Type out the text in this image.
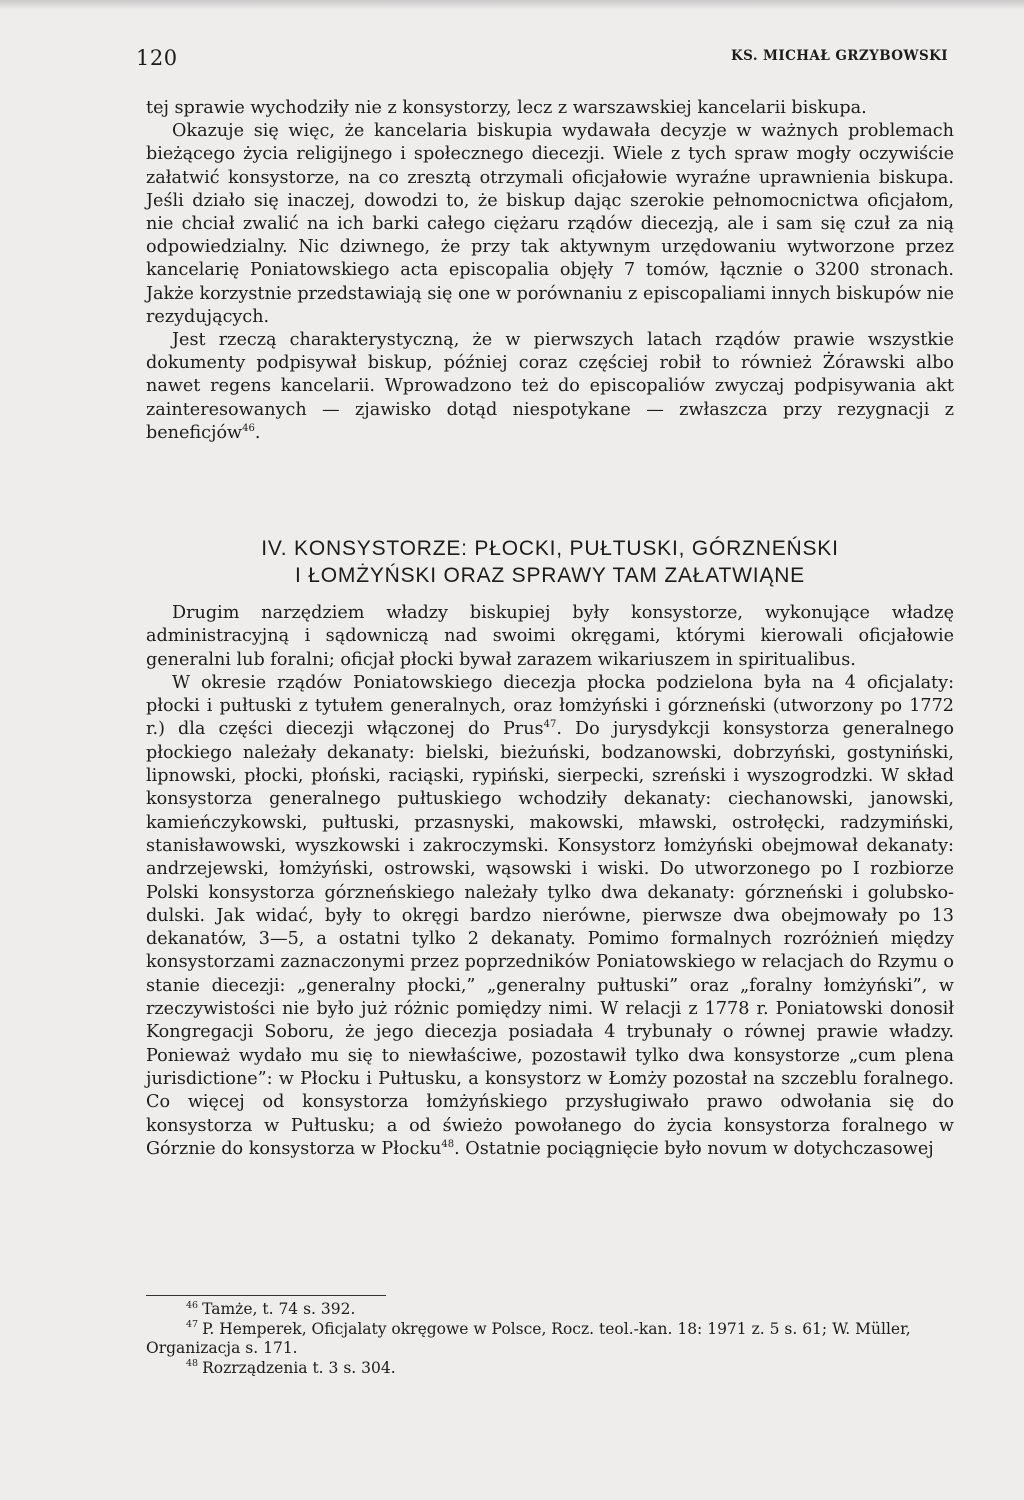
120	KS. MICHAŁ GRZYBOWSKI

tej sprawie wychodziły nie z konsystorzy, lecz z warszawskiej kancelarii biskupa.

Okazuje się więc, że kancelaria biskupia wydawała decyzje w ważnych problemach bieżącego życia religijnego i społecznego diecezji. Wiele z tych spraw mogły oczywiście załatwić konsystorze, na co zresztą otrzymali oficjałowie wyraźne uprawnienia biskupa. Jeśli działo się inaczej, dowodzi to, że biskup dając szerokie pełnomocnictwa oficjałom, nie chciał zwalić na ich barki całego ciężaru rządów diecezją, ale i sam się czuł za nią odpowiedzialny. Nic dziwnego, że przy tak aktywnym urzędowaniu wytworzone przez kancelarię Poniatowskiego acta episcopalia objęły 7 tomów, łącznie o 3200 stronach. Jakże korzystnie przedstawiają się one w porównaniu z episcopaliami innych biskupów nie rezydujących.

Jest rzeczą charakterystyczną, że w pierwszych latach rządów prawie wszystkie dokumenty podpisywał biskup, później coraz częściej robił to również Żórawski albo nawet regens kancelarii. Wprowadzono też do episcopaliów zwyczaj podpisywania akt zainteresowanych — zjawisko dotąd niespotykane — zwłaszcza przy rezygnacji z beneficjów$^{46}$.

IV. KONSYSTORZE: PŁOCKI, PUŁTUSKI, GÓRZNEŃSKI
I ŁOMŻYŃSKI ORAZ SPRAWY TAM ZAŁATWIĄNE

Drugim narzędziem władzy biskupiej były konsystorze, wykonujące władzę administracyjną i sądowniczą nad swoimi okręgami, którymi kierowali oficjałowie generalni lub foralni; oficjał płocki bywał zarazem wikariuszem in spiritualibus.

W okresie rządów Poniatowskiego diecezja płocka podzielona była na 4 oficjalaty: płocki i pułtuski z tytułem generalnych, oraz łomżyński i górzneński (utworzony po 1772 r.) dla części diecezji włączonej do Prus$^{47}$. Do jurysdykcji konsystorza generalnego płockiego należały dekanaty: bielski, bieżuński, bodzanowski, dobrzyński, gostyniński, lipnowski, płocki, płoński, raciąski, rypiński, sierpecki, szreński i wyszogrodzki. W skład konsystorza generalnego pułtuskiego wchodziły dekanaty: ciechanowski, janowski, kamieńczykowski, pułtuski, przasnyski, makowski, mławski, ostrołęcki, radzymiński, stanisławowski, wyszkowski i zakroczymski. Konsystorz łomżyński obejmował dekanaty: andrzejewski, łomżyński, ostrowski, wąsowski i wiski. Do utworzonego po I rozbiorze Polski konsystorza górzneńskiego należały tylko dwa dekanaty: górzneński i golubsko-dulski. Jak widać, były to okręgi bardzo nierówne, pierwsze dwa obejmowały po 13 dekanatów, 3—5, a ostatni tylko 2 dekanaty. Pomimo formalnych rozróżnień między konsystorzami zaznaczonymi przez poprzedników Poniatowskiego w relacjach do Rzymu o stanie diecezji: „generalny płocki,” „generalny pułtuski” oraz „foralny łomżyński”, w rzeczywistości nie było już różnic pomiędzy nimi. W relacji z 1778 r. Poniatowski donosił Kongregacji Soboru, że jego diecezja posiadała 4 trybunały o równej prawie władzy. Ponieważ wydało mu się to niewłaściwe, pozostawił tylko dwa konsystorze „cum plena jurisdictione”: w Płocku i Pułtusku, a konsystorz w Łomży pozostał na szczeblu foralnego. Co więcej od konsystorza łomżyńskiego przysługiwało prawo odwołania się do konsystorza w Pułtusku; a od świeżo powołanego do życia konsystorza foralnego w Górznie do konsystorza w Płocku$^{48}$. Ostatnie pociągnięcie było novum w dotychczasowej

$^{46}$ Tamże, t. 74 s. 392.

$^{47}$ P. Hemperek, Oficjalaty okręgowe w Polsce, Rocz. teol.-kan. 18: 1971 z. 5 s. 61; W. Müller, Organizacja s. 171.

$^{48}$ Rozrządzenia t. 3 s. 304.
